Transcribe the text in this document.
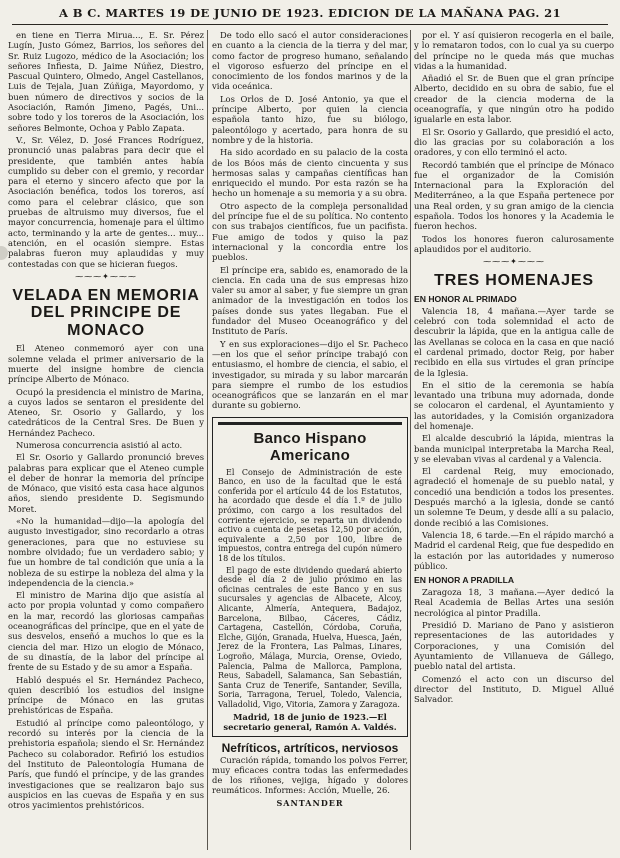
A B C. MARTES 19 DE JUNIO DE 1923. EDICION DE LA MAÑANA PAG. 21

en tiene en Tierra Mirua..., E. Sr. Pérez Lugín, Justo Gómez, Barrios, los señores del Sr. Ruiz Lugozo, médico de la Asociación; los señores Infiesta, D. Jaime Núñez, Diestro, Pascual Quintero, Olmedo, Angel Castellanos, Luis de Tejala, Juan Zúñiga, Mayordomo, y buen número de directivos y socios de la Asociación, Ramón Jimeno, Pagés, Uni... sobre todo y los toreros de la Asociación, los señores Belmonte, Ochoa y Pablo Zapata.

V., Sr. Vélez, D. José Frances Rodríguez, pronunció unas palabras para decir que el presidente, que también antes había cumplido su deber con el gremio, y recordar para el eterno y sincero afecto que por la Asociación benéfica, todos los toreros, así como para el celebrar clásico, que son pruebas de altruismo muy diversos, fue el mayor concurrencia, homenaje para el último acto, terminando y la arte de gentes... muy... atención, en el ocasión siempre. Estas palabras fueron muy aplaudidas y muy contestadas con que se hicieran fuegos.

⁓⁓⁓✦⁓⁓⁓
VELADA EN MEMORIA DEL PRINCIPE DE MONACO

El Ateneo conmemoró ayer con una solemne velada el primer aniversario de la muerte del insigne hombre de ciencia príncipe Alberto de Mónaco.

Ocupó la presidencia el ministro de Marina, a cuyos lados se sentaron el presidente del Ateneo, Sr. Osorio y Gallardo, y los catedráticos de la Central Sres. De Buen y Hernández Pacheco.

Numerosa concurrencia asistió al acto.

El Sr. Osorio y Gallardo pronunció breves palabras para explicar que el Ateneo cumple el deber de honrar la memoria del príncipe de Mónaco, que visitó esta casa hace algunos años, siendo presidente D. Segismundo Moret.

«No la humanidad—dijo—la apología del augusto investigador, sino recordarlo a otras generaciones, para que no estuviese su nombre olvidado; fue un verdadero sabio; y fue un hombre de tal condición que unía a la nobleza de su estirpe la nobleza del alma y la independencia de la ciencia.»

El ministro de Marina dijo que asistía al acto por propia voluntad y como compañero en la mar, recordó las gloriosas campañas oceanográficas del príncipe, que en el yate de sus desvelos, enseñó a muchos lo que es la ciencia del mar. Hizo un elogio de Mónaco, de su dinastía, de la labor del príncipe al frente de su Estado y de su amor a España.

Habló después el Sr. Hernández Pacheco, quien describió los estudios del insigne príncipe de Mónaco en las grutas prehistóricas de España.

Estudió al príncipe como paleontólogo, y recordó su interés por la ciencia de la prehistoria española; siendo el Sr. Hernández Pacheco su colaborador. Refirió los estudios del Instituto de Paleontología Humana de París, que fundó el príncipe, y de las grandes investigaciones que se realizaron bajo sus auspicios en las cuevas de España y en sus otros yacimientos prehistóricos.

De todo ello sacó el autor consideraciones en cuanto a la ciencia de la tierra y del mar, como factor de progreso humano, señalando el vigoroso esfuerzo del príncipe en el conocimiento de los fondos marinos y de la vida oceánica.

Los Orlos de D. José Antonio, ya que el príncipe Alberto, por quien la ciencia española tanto hizo, fue su biólogo, paleontólogo y acertado, para honra de su nombre y de la historia.

Ha sido acordado en su palacio de la costa de los Bóos más de ciento cincuenta y sus hermosas salas y campañas científicas han enriquecido el mundo. Por esta razón se ha hecho un homenaje a su memoria y a su obra.

Otro aspecto de la compleja personalidad del príncipe fue el de su política. No contento con sus trabajos científicos, fue un pacifista. Fue amigo de todos y quiso la paz internacional y la concordia entre los pueblos.

El príncipe era, sabido es, enamorado de la ciencia. En cada una de sus empresas hizo valer su amor al saber, y fue siempre un gran animador de la investigación en todos los países donde sus yates llegaban. Fue el fundador del Museo Oceanográfico y del Instituto de París.

Y en sus exploraciones—dijo el Sr. Pacheco—en los que el señor príncipe trabajó con entusiasmo, el hombre de ciencia, el sabio, el investigador, su mirada y su labor marcarán para siempre el rumbo de los estudios oceanográficos que se lanzarán en el mar durante su gobierno.

Banco Hispano Americano

El Consejo de Administración de este Banco, en uso de la facultad que le está conferida por el artículo 44 de los Estatutos, ha acordado que desde el día 1.º de julio próximo, con cargo a los resultados del corriente ejercicio, se reparta un dividendo activo a cuenta de pesetas 12,50 por acción, equivalente a 2,50 por 100, libre de impuestos, contra entrega del cupón número 18 de los títulos.

El pago de este dividendo quedará abierto desde el día 2 de julio próximo en las oficinas centrales de este Banco y en sus sucursales y agencias de Albacete, Alcoy, Alicante, Almería, Antequera, Badajoz, Barcelona, Bilbao, Cáceres, Cádiz, Cartagena, Castellón, Córdoba, Coruña, Elche, Gijón, Granada, Huelva, Huesca, Jaén, Jerez de la Frontera, Las Palmas, Linares, Logroño, Málaga, Murcia, Orense, Oviedo, Palencia, Palma de Mallorca, Pamplona, Reus, Sabadell, Salamanca, San Sebastián, Santa Cruz de Tenerife, Santander, Sevilla, Soria, Tarragona, Teruel, Toledo, Valencia, Valladolid, Vigo, Vitoria, Zamora y Zaragoza.

Madrid, 18 de junio de 1923.—El secretario general, Ramón A. Valdés.
Nefríticos, artríticos, nerviosos

Curación rápida, tomando los polvos Ferrer, muy eficaces contra todas las enfermedades de los riñones, vejiga, hígado y dolores reumáticos. Informes: Acción, Muelle, 26.

SANTANDER

por el. Y así quisieron recogerla en el baile, y lo remataron todos, con lo cual ya su cuerpo del príncipe no le queda más que muchas vidas a la humanidad.

Añadió el Sr. de Buen que el gran príncipe Alberto, decidido en su obra de sabio, fue el creador de la ciencia moderna de la oceanografía, y que ningún otro ha podido igualarle en esta labor.

El Sr. Osorio y Gallardo, que presidió el acto, dio las gracias por su colaboración a los oradores, y con ello terminó el acto.

Recordó también que el príncipe de Mónaco fue el organizador de la Comisión Internacional para la Exploración del Mediterráneo, a la que España pertenece por una Real orden, y su gran amigo de la ciencia española. Todos los honores y la Academia le fueron hechos.

Todos los honores fueron calurosamente aplaudidos por el auditorio.

⁓⁓⁓✦⁓⁓⁓
TRES HOMENAJES
EN HONOR AL PRIMADO

Valencia 18, 4 mañana.—Ayer tarde se celebró con toda solemnidad el acto de descubrir la lápida, que en la antigua calle de las Avellanas se coloca en la casa en que nació el cardenal primado, doctor Reig, por haber recibido en ella sus virtudes el gran príncipe de la Iglesia.

En el sitio de la ceremonia se había levantado una tribuna muy adornada, donde se colocaron el cardenal, el Ayuntamiento y las autoridades, y la Comisión organizadora del homenaje.

El alcalde descubrió la lápida, mientras la banda municipal interpretaba la Marcha Real, y se elevaban vivas al cardenal y a Valencia.

El cardenal Reig, muy emocionado, agradeció el homenaje de su pueblo natal, y concedió una bendición a todos los presentes. Después marchó a la iglesia, donde se cantó un solemne Te Deum, y desde allí a su palacio, donde recibió a las Comisiones.

Valencia 18, 6 tarde.—En el rápido marchó a Madrid el cardenal Reig, que fue despedido en la estación por las autoridades y numeroso público.

EN HONOR A PRADILLA

Zaragoza 18, 3 mañana.—Ayer dedicó la Real Academia de Bellas Artes una sesión necrológica al pintor Pradilla.

Presidió D. Mariano de Pano y asistieron representaciones de las autoridades y Corporaciones, y una Comisión del Ayuntamiento de Villanueva de Gállego, pueblo natal del artista.

Comenzó el acto con un discurso del director del Instituto, D. Miguel Allué Salvador.
